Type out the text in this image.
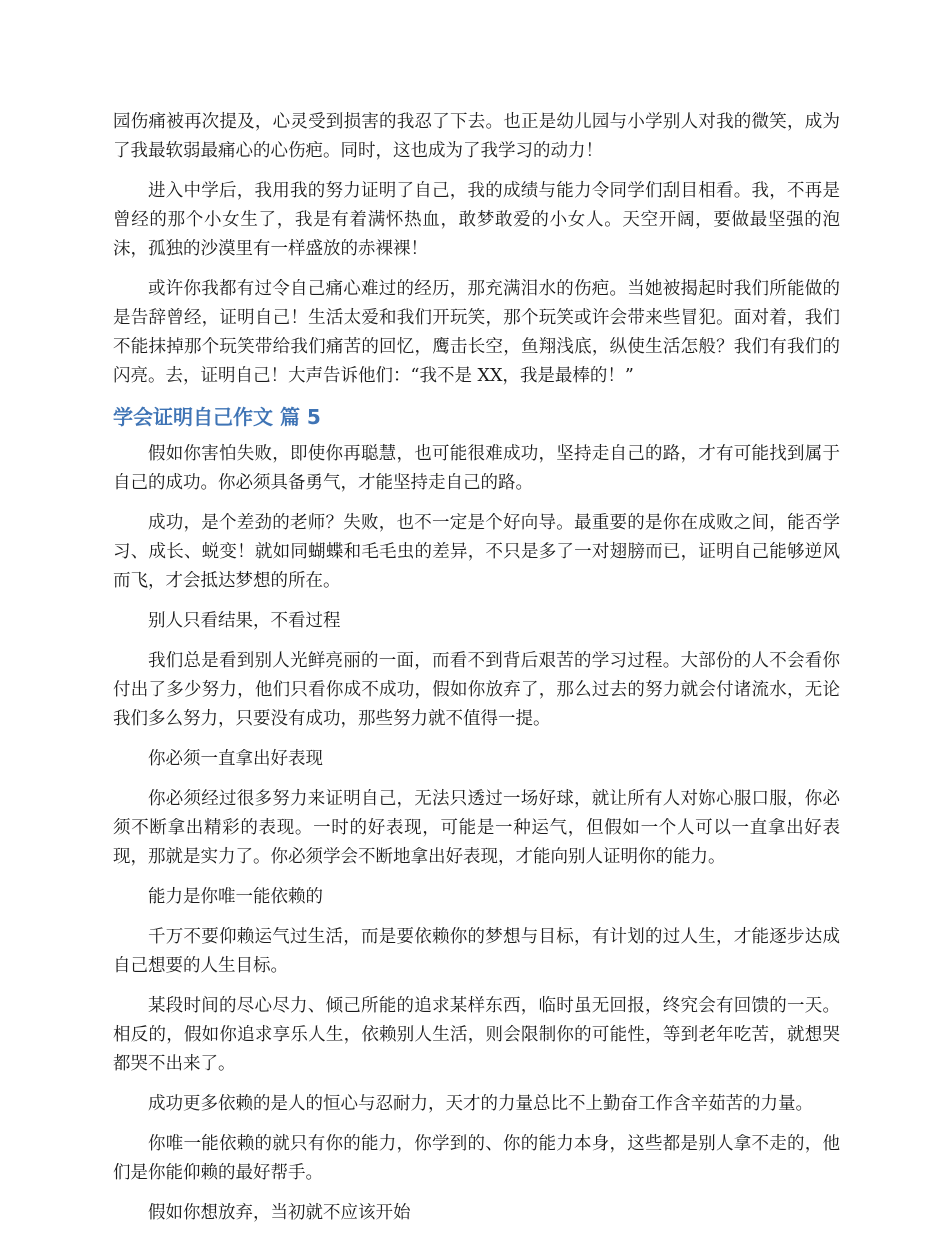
园伤痛被再次提及，心灵受到损害的我忍了下去。也正是幼儿园与小学别人对我的微笑，成为了我最软弱最痛心的心伤疤。同时，这也成为了我学习的动力！

进入中学后，我用我的努力证明了自己，我的成绩与能力令同学们刮目相看。我，不再是曾经的那个小女生了，我是有着满怀热血，敢梦敢爱的小女人。天空开阔，要做最坚强的泡沫，孤独的沙漠里有一样盛放的赤裸裸！

或许你我都有过令自己痛心难过的经历，那充满泪水的伤疤。当她被揭起时我们所能做的是告辞曾经，证明自己！生活太爱和我们开玩笑，那个玩笑或许会带来些冒犯。面对着，我们不能抹掉那个玩笑带给我们痛苦的回忆，鹰击长空，鱼翔浅底，纵使生活怎般？我们有我们的闪亮。去，证明自己！大声告诉他们：“我不是 XX，我是最棒的！”

学会证明自己作文 篇 5

假如你害怕失败，即使你再聪慧，也可能很难成功，坚持走自己的路，才有可能找到属于自己的成功。你必须具备勇气，才能坚持走自己的路。

成功，是个差劲的老师？失败，也不一定是个好向导。最重要的是你在成败之间，能否学习、成长、蜕变！就如同蝴蝶和毛毛虫的差异，不只是多了一对翅膀而已，证明自己能够逆风而飞，才会抵达梦想的所在。

别人只看结果，不看过程

我们总是看到别人光鲜亮丽的一面，而看不到背后艰苦的学习过程。大部份的人不会看你付出了多少努力，他们只看你成不成功，假如你放弃了，那么过去的努力就会付诸流水，无论我们多么努力，只要没有成功，那些努力就不值得一提。

你必须一直拿出好表现

你必须经过很多努力来证明自己，无法只透过一场好球，就让所有人对妳心服口服，你必须不断拿出精彩的表现。一时的好表现，可能是一种运气，但假如一个人可以一直拿出好表现，那就是实力了。你必须学会不断地拿出好表现，才能向别人证明你的能力。

能力是你唯一能依赖的

千万不要仰赖运气过生活，而是要依赖你的梦想与目标，有计划的过人生，才能逐步达成自己想要的人生目标。

某段时间的尽心尽力、倾己所能的追求某样东西，临时虽无回报，终究会有回馈的一天。相反的，假如你追求享乐人生，依赖别人生活，则会限制你的可能性，等到老年吃苦，就想哭都哭不出来了。

成功更多依赖的是人的恒心与忍耐力，天才的力量总比不上勤奋工作含辛茹苦的力量。

你唯一能依赖的就只有你的能力，你学到的、你的能力本身，这些都是别人拿不走的，他们是你能仰赖的最好帮手。

假如你想放弃，当初就不应该开始
